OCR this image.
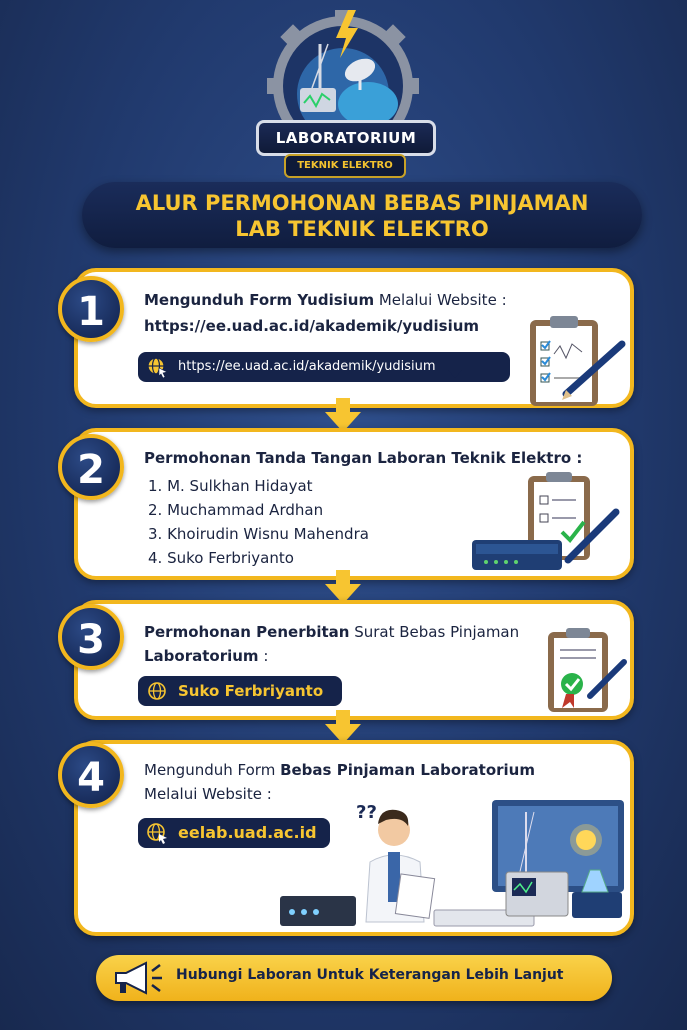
LABORATORIUM
TEKNIK ELEKTRO
ALUR PERMOHONAN BEBAS PINJAMAN
LAB TEKNIK ELEKTRO
Mengunduh Form Yudisium Melalui Website :
https://ee.uad.ac.id/akademik/yudisium
https://ee.uad.ac.id/akademik/yudisium
1
Permohonan Tanda Tangan Laboran Teknik Elektro :
1. M. Sulkhan Hidayat
2. Muchammad Ardhan
3. Khoirudin Wisnu Mahendra
4. Suko Ferbriyanto
2
Permohonan Penerbitan Surat Bebas Pinjaman
Laboratorium :
Suko Ferbriyanto
3
Mengunduh Form Bebas Pinjaman Laboratorium
Melalui Website :
eelab.uad.ac.id
??
4
Hubungi Laboran Untuk Keterangan Lebih Lanjut
